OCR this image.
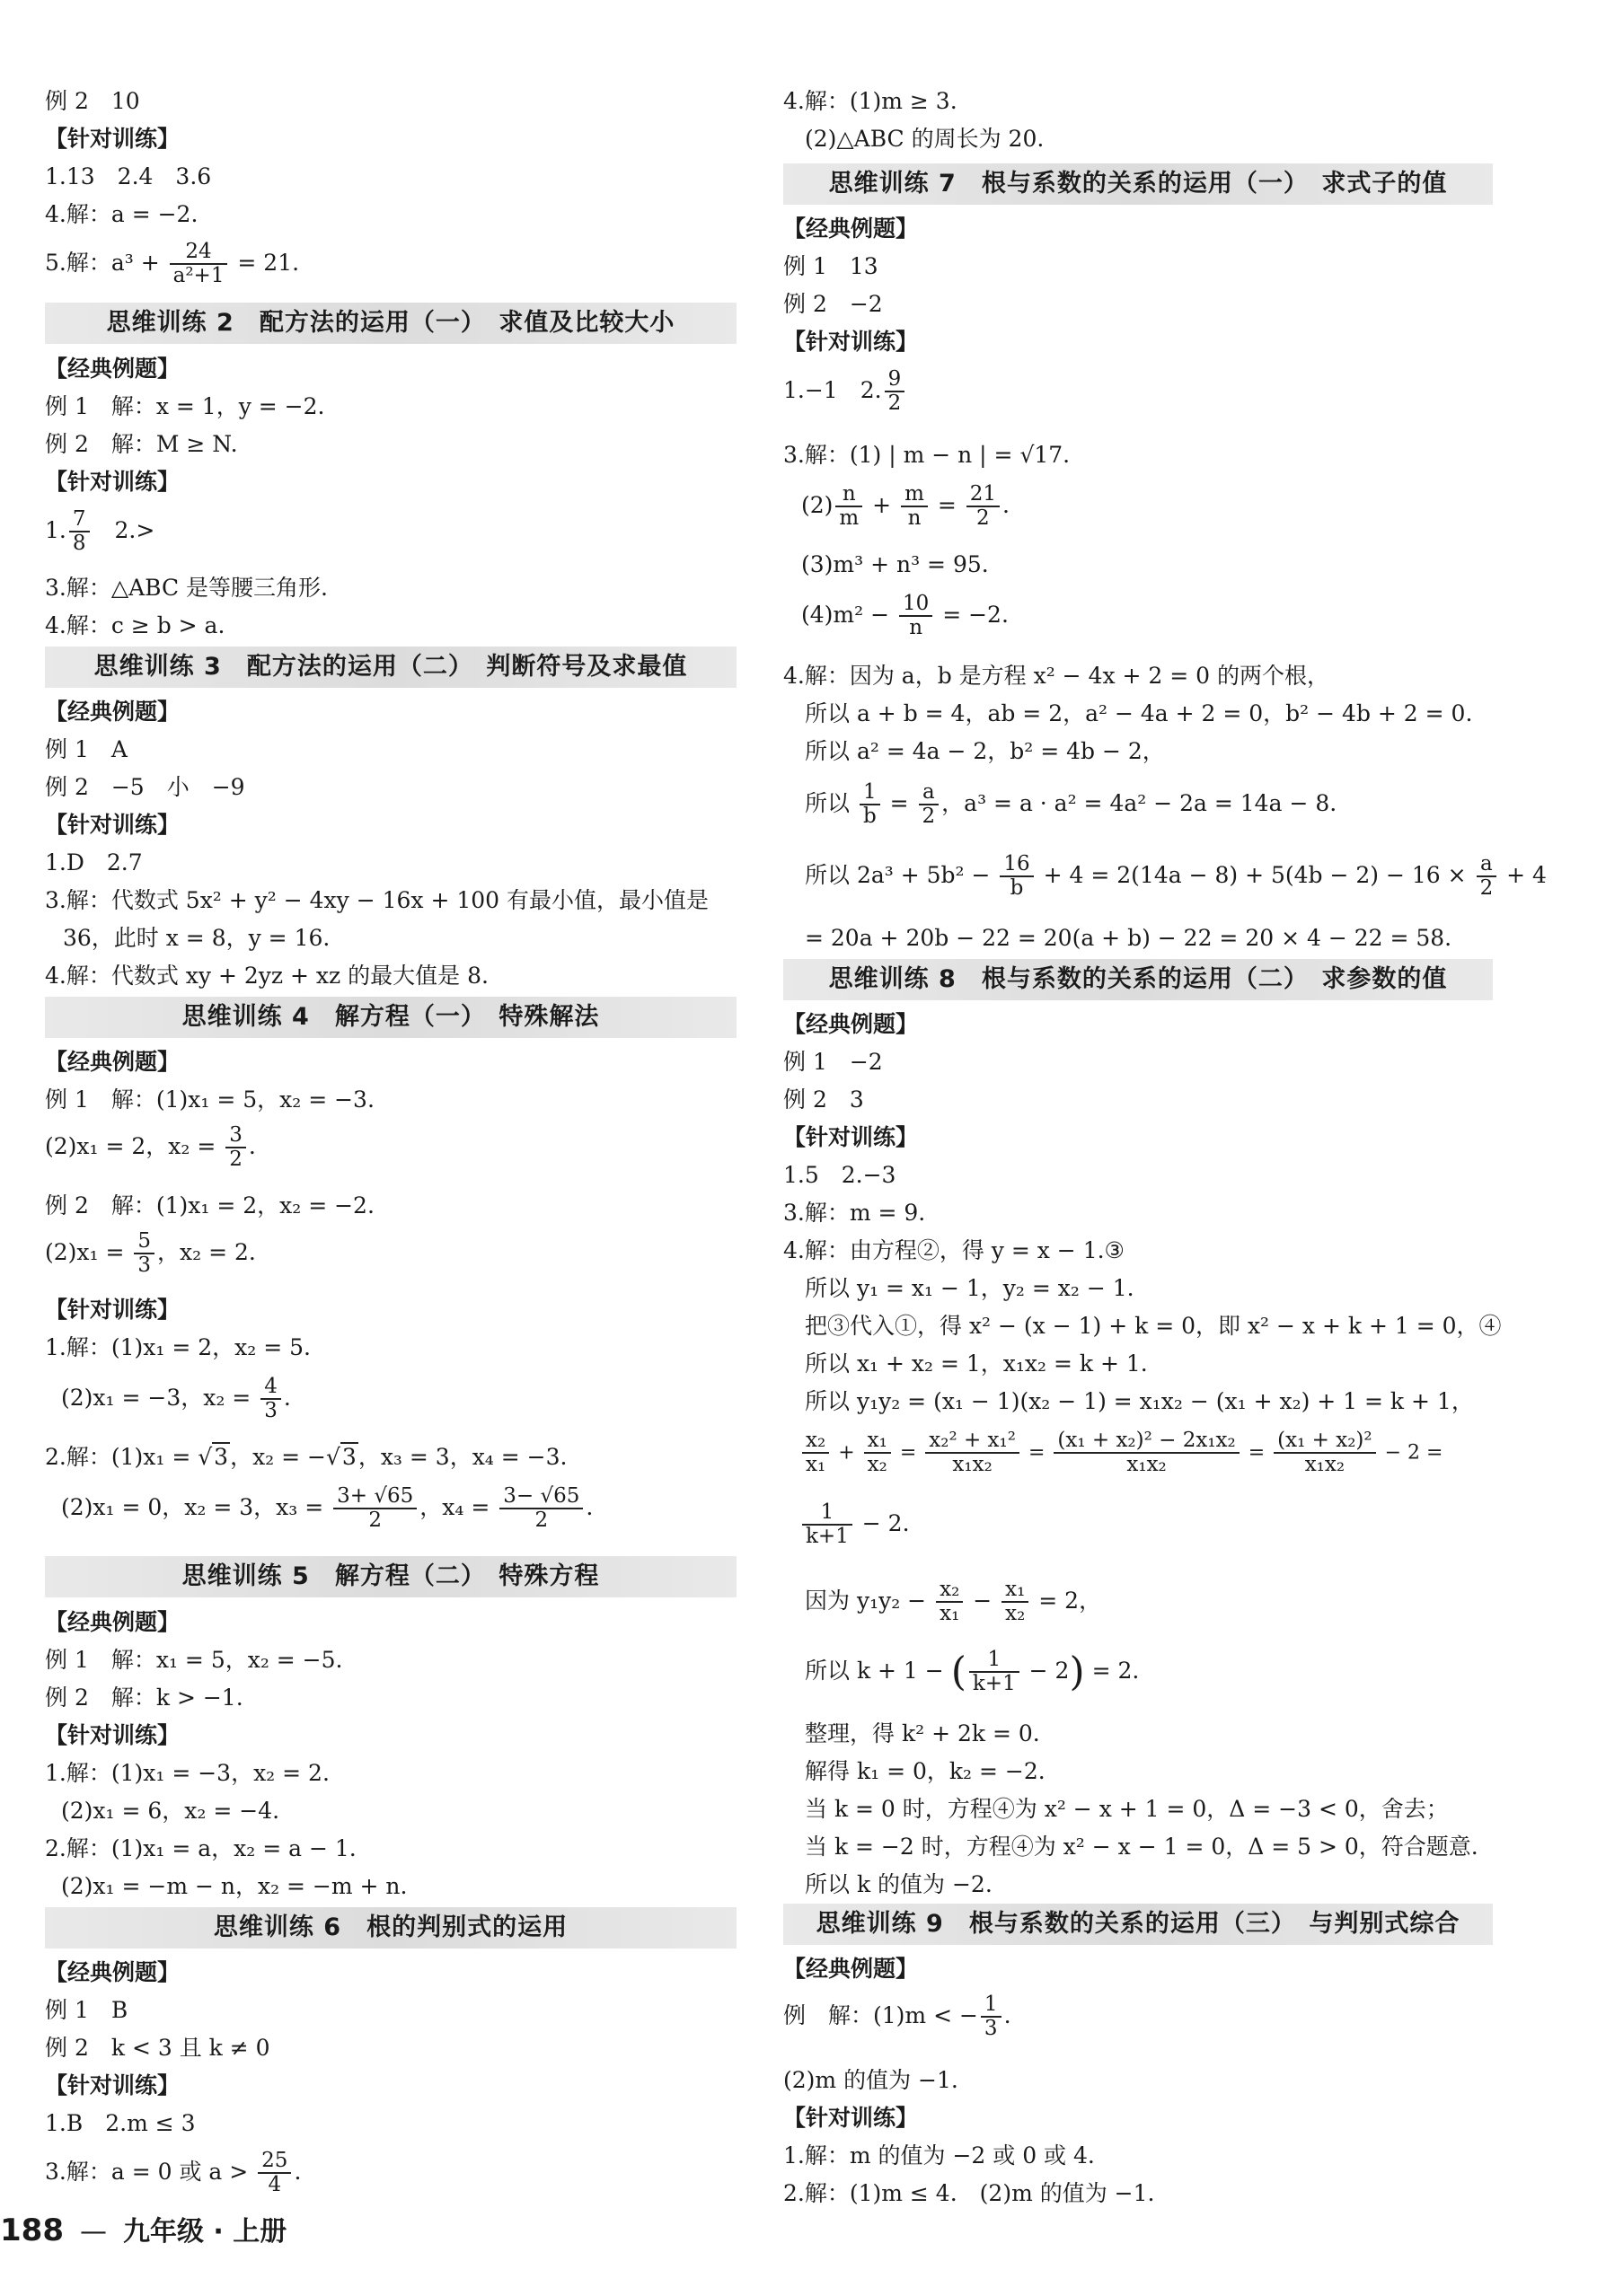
例 2　10
【针对训练】
1.13　2.4　3.6
4.解：a = −2.
5.解：$a^3 + \frac{24}{\text{a²+1}} = 21$.
思维训练 2　配方法的运用（一）　求值及比较大小
【经典例题】
例 1　解：x = 1，y = −2.
例 2　解：M ≥ N.
【针对训练】
1. $\frac{7}{8}$ 　2.>
3.解：△ABC 是等腰三角形.
4.解：c ≥ b > a.
思维训练 3　配方法的运用（二）　判断符号及求最值
【经典例题】
例 1　A
例 2　−5　小　−9
【针对训练】
1.D　2.7
3.解：代数式 5x² + y² − 4xy − 16x + 100 有最小值，最小值是
36，此时 x = 8，y = 16.
4.解：代数式 xy + 2yz + xz 的最大值是 8.
思维训练 4　解方程（一）　特殊解法
【经典例题】
例 1　解：(1)x₁ = 5，x₂ = −3.
(2)x₁ = 2，$x_2 = \frac{3}{2}$ .
例 2　解：(1)x₁ = 2，x₂ = −2.
$(2)x_1 = \frac{5}{3}$ ，x₂ = 2.
【针对训练】
1.解：(1)x₁ = 2，x₂ = 5.
(2)x₁ = −3，$x_2 = \frac{4}{3}$ .
2.解：(1)x₁ = √3，x₂ = −√3，x₃ = 3，x₄ = −3.
(2)x₁ = 0，x₂ = 3，$x_3 = \frac{3+ √65}{2}$ ，$x_4 = \frac{3- √65}{2}$ .
思维训练 5　解方程（二）　特殊方程
【经典例题】
例 1　解：x₁ = 5，x₂ = −5.
例 2　解：k > −1.
【针对训练】
1.解：(1)x₁ = −3，x₂ = 2.
(2)x₁ = 6，x₂ = −4.
2.解：(1)x₁ = a，x₂ = a − 1.
(2)x₁ = −m − n，x₂ = −m + n.
思维训练 6　根的判别式的运用
【经典例题】
例 1　B
例 2　k < 3 且 k ≠ 0
【针对训练】
1.B　2.m ≤ 3
3.解：a = 0 或 $a > \frac{25}{4}$ .
4.解：(1)m ≥ 3.
(2)△ABC 的周长为 20.
思维训练 7　根与系数的关系的运用（一）　求式子的值
【经典例题】
例 1　13
例 2　−2
【针对训练】
1.−1　2. $\frac{9}{2}$
3.解：(1) | m − n | = √17.
$(2) \frac{n}{m} + \frac{m}{n} = \frac{21}{2}$ .
(3)m³ + n³ = 95.
$(4)m^2 - \frac{10}{n} = -2$.
4.解：因为 a，b 是方程 x² − 4x + 2 = 0 的两个根，
所以 a + b = 4，ab = 2，a² − 4a + 2 = 0，b² − 4b + 2 = 0.
所以 a² = 4a − 2，b² = 4b − 2，
所以 $\frac{1}{b} = \frac{a}{2}$ ，a³ = a · a² = 4a² − 2a = 14a − 8.
所以 $2a^3 + 5b^2 - \frac{16}{b} + 4 = 2(14a - 8) + 5(4b - 2) - 16 \times \frac{a}{2} + 4$
= 20a + 20b − 22 = 20(a + b) − 22 = 20 × 4 − 22 = 58.
思维训练 8　根与系数的关系的运用（二）　求参数的值
【经典例题】
例 1　−2
例 2　3
【针对训练】
1.5　2.−3
3.解：m = 9.
4.解：由方程②，得 y = x − 1.③
所以 y₁ = x₁ − 1，y₂ = x₂ − 1.
把③代入①，得 x² − (x − 1) + k = 0，即 x² − x + k + 1 = 0，④
所以 x₁ + x₂ = 1，x₁x₂ = k + 1.
所以 y₁y₂ = (x₁ − 1)(x₂ − 1) = x₁x₂ − (x₁ + x₂) + 1 = k + 1，
$\frac{\text{x₂}}{\text{x₁}} + \frac{\text{x₁}}{\text{x₂}} = \frac{\text{x₂² + x₁²}}{\text{x₁x₂}} = \frac{\text{(x₁ + x₂)² − 2x₁x₂}}{\text{x₁x₂}} = \frac{\text{(x₁ + x₂)²}}{\text{x₁x₂}} - 2$ =
$\frac{1}{k+1} - 2$.
因为 $y_1y_2 - \frac{\text{x₂}}{\text{x₁}} - \frac{\text{x₁}}{\text{x₂}} = 2$，
所以 k + 1 − ( $\frac{1}{k+1} - 2) = 2$.
整理，得 k² + 2k = 0.
解得 k₁ = 0，k₂ = −2.
当 k = 0 时，方程④为 x² − x + 1 = 0，Δ = −3 < 0，舍去；
当 k = −2 时，方程④为 x² − x − 1 = 0，Δ = 5 > 0，符合题意.
所以 k 的值为 −2.
思维训练 9　根与系数的关系的运用（三）　与判别式综合
【经典例题】
例　解：(1)m < − $\frac{1}{3}$ .
(2)m 的值为 −1.
【针对训练】
1.解：m 的值为 −2 或 0 或 4.
2.解：(1)m ≤ 4.　(2)m 的值为 −1.
188 — 九年级 · 上册
